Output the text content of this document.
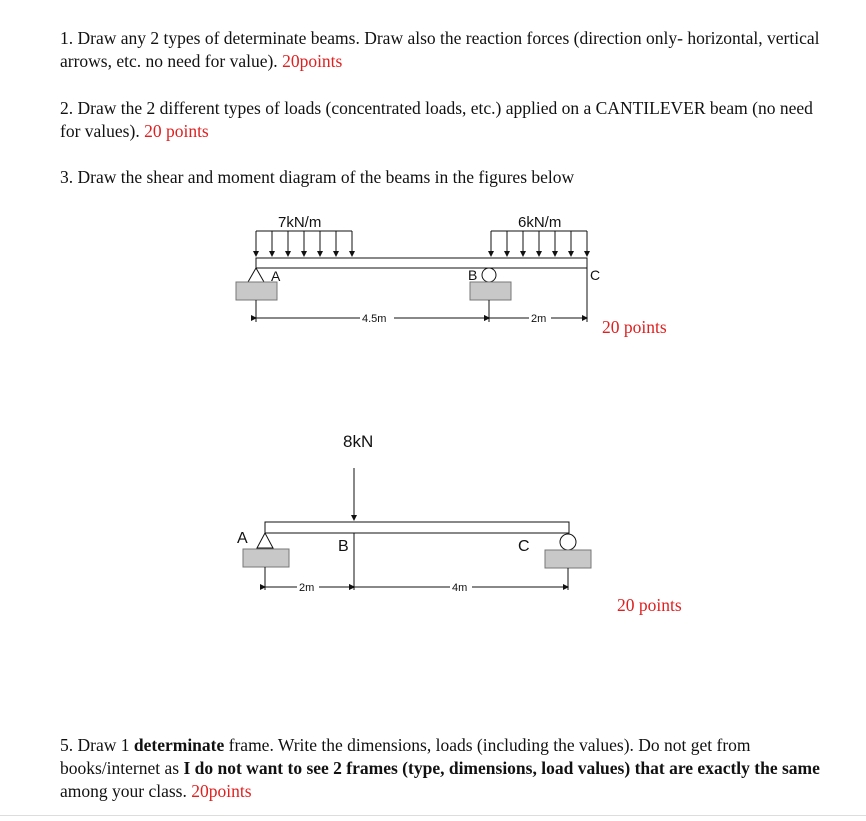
1. Draw any 2 types of determinate beams. Draw also the reaction forces (direction only- horizontal, vertical arrows, etc. no need for value). 20points

2. Draw the 2 different types of loads (concentrated loads, etc.) applied on a CANTILEVER beam (no need for values). 20 points

3. Draw the shear and moment diagram of the beams in the figures below

7kN/m	6kN/m
A	B	C
4.5m	2m
8kN
A	B	C
2m	4m
20 points
20 points

5. Draw 1 determinate frame. Write the dimensions, loads (including the values). Do not get from books/internet as I do not want to see 2 frames (type, dimensions, load values) that are exactly the same among your class. 20points
